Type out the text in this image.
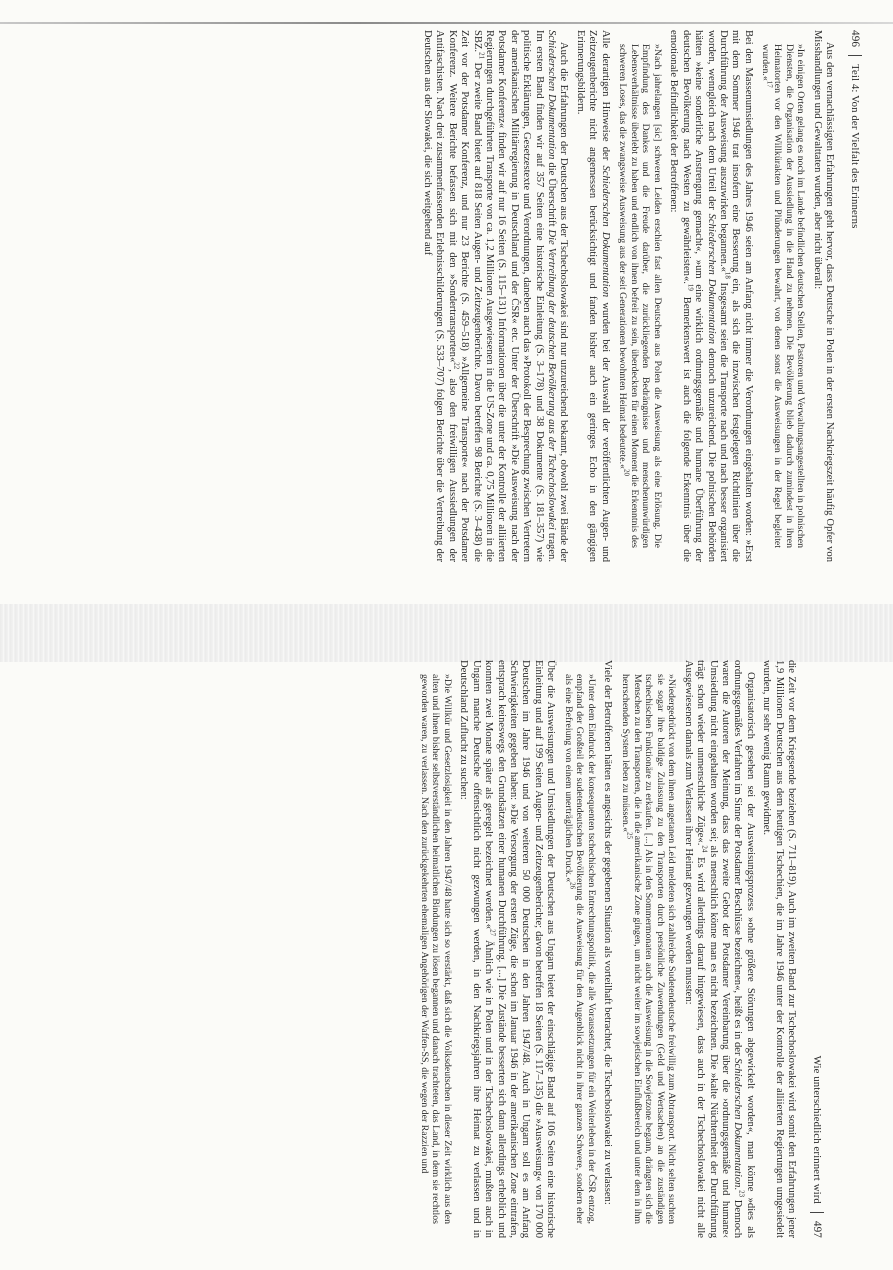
496
Teil 4: Von der Vielfalt des Erinnerns

Aus den vernachlässigten Erfahrungen geht hervor, dass Deutsche in Polen in der ersten Nachkriegszeit häufig Opfer von Misshandlungen und Gewalttaten wurden, aber nicht überall:

»In einigen Orten gelang es noch im Lande befindlichen deutschen Stellen, Pastoren und Verwaltungsangestellten in polnischen Diensten, die Organisation der Aussiedlung in die Hand zu nehmen. Die Bevölkerung blieb dadurch zumindest in ihren Heimatorten vor den Willkürakten und Plünderungen bewahrt, von denen sonst die Ausweisungen in der Regel begleitet wurden.«$^{17}$

Bei den Massenumsiedlungen des Jahres 1946 seien am Anfang nicht immer die Verordnungen eingehalten worden: »Erst mit dem Sommer 1946 trat insofern eine Besserung ein, als sich die inzwischen festgelegten Richtlinien über die Durchführung der Ausweisung auszuwirken begannen.«$^{18}$ Insgesamt seien die Transporte nach und nach besser organisiert worden, wenngleich nach dem Urteil der Schiederschen Dokumentation dennoch unzureichend. Die polnischen Behörden hätten »keine sonderliche Anstrengung gemacht«, »um eine wirklich ordnungsgemäße und humane Überführung der deutschen Bevölkerung nach Westen zu gewährleisten«.$^{19}$ Bemerkenswert ist auch die folgende Erkenntnis über die emotionale Befindlichkeit der Betroffenen:

»Nach jahrelangen [sic] schweren Leiden erschien fast allen Deutschen aus Polen die Ausweisung als eine Erlösung. Die Empfindung des Dankes und die Freude darüber, die zurückliegenden Bedrängnisse und menschenunwürdigen Lebensverhältnisse überlebt zu haben und endlich von ihnen befreit zu sein, überdeckten für einen Moment die Erkenntnis des schweren Loses, das die zwangsweise Ausweisung aus der seit Generationen bewohnten Heimat bedeutete.«$^{20}$

Alle derartigen Hinweise der Schiederschen Dokumentation wurden bei der Auswahl der veröffentlichten Augen- und Zeitzeugenberichte nicht angemessen berücksichtigt und fanden bisher auch ein geringes Echo in den gängigen Erinnerungsbildern.

Auch die Erfahrungen der Deutschen aus der Tschechoslowakei sind nur unzureichend bekannt, obwohl zwei Bände der Schiederschen Dokumentation die Überschrift Die Vertreibung der deutschen Bevölkerung aus der Tschechoslowakei tragen. Im ersten Band finden wir auf 357 Seiten eine historische Einleitung (S. 3–178) und 38 Dokumente (S. 181–357) wie politische Erklärungen, Gesetzestexte und Verordnungen, daneben auch das »Protokoll der Besprechung zwischen Vertretern der amerikanischen Militärregierung in Deutschland und der ČSR« etc. Unter der Überschrift »Die Ausweisung nach der Potsdamer Konferenz« finden wir auf nur 16 Seiten (S. 115–131) Informationen über die unter der Kontrolle der alliierten Regierungen durchgeführten Transporte von ca. 1,2 Millionen Ausgewiesenen in die US-Zone und ca. 0,75 Millionen in die SBZ.$^{21}$ Der zweite Band bietet auf 818 Seiten Augen- und Zeitzeugenberichte. Davon betreffen 98 Berichte (S. 3–438) die Zeit vor der Potsdamer Konferenz, und nur 23 Berichte (S. 459–518) »Allgemeine Transporte« nach der Potsdamer Konferenz. Weitere Berichte befassen sich mit den »Sondertransporten«$^{22}$, also den freiwilligen Aussiedlungen der Antifaschisten. Nach drei zusammenfassenden Erlebnisschilderungen (S. 533–707) folgen Berichte über die Vertreibung der Deutschen aus der Slowakei, die sich weitgehend auf

Wie unterschiedlich erinnert wird
497

die Zeit vor dem Kriegsende beziehen (S. 711–819). Auch im zweiten Band zur Tschechoslowakei wird somit den Erfahrungen jener 1,9 Millionen Deutschen aus dem heutigen Tschechien, die im Jahre 1946 unter der Kontrolle der alliierten Regierungen umgesiedelt wurden, nur sehr wenig Raum gewidmet.

Organisatorisch gesehen sei der Ausweisungsprozess »ohne größere Störungen abgewickelt worden«, man könne »dies als ordnungsgemäßes Verfahren im Sinne der Potsdamer Beschlüsse bezeichnen«, heißt es in der Schiederschen Dokumentation.$^{23}$ Dennoch waren die Autoren der Meinung, dass das zweite Gebot der Potsdamer Vereinbarung über die ›ordnungsgemäße und humane‹ Umsiedlung nicht eingehalten worden sei; als menschlich könne man es nicht bezeichnen. Die »kalte Nüchternheit der Durchführung trägt schon wieder unmenschliche Züge«.$^{24}$ Es wird allerdings darauf hingewiesen, dass auch in der Tschechoslowakei nicht alle Ausgewiesenen damals zum Verlassen ihrer Heimat gezwungen werden mussten:

»Niedergedrückt von dem ihnen angetanen Leid meldeten sich zahlreiche Sudetendeutsche freiwillig zum Abtransport. Nicht selten suchten sie sogar ihre baldige Zulassung zu den Transporten durch persönliche Zuwendungen (Geld und Wertsachen) an die zuständigen tschechischen Funktionäre zu erkaufen. [...] Als in den Sommermonaten auch die Ausweisung in die Sowjetzone begann, drängten sich die Menschen zu den Transporten, die in die amerikanische Zone gingen, um nicht weiter im sowjetischen Einflußbereich und unter dem in ihm herrschenden System leben zu müssen.«$^{25}$

Viele der Betroffenen hätten es angesichts der gegebenen Situation als vorteilhaft betrachtet, die Tschechoslowakei zu verlassen:

»Unter dem Eindruck der konsequenten tschechischen Entrechtungspolitik, die alle Voraussetzungen für ein Weiterleben in der ČSR entzog, empfand der Großteil der sudetendeutschen Bevölkerung die Ausweisung für den Augenblick nicht in ihrer ganzen Schwere, sondern eher als eine Befreiung von einem unerträglichen Druck.«$^{26}$

Über die Ausweisungen und Umsiedlungen der Deutschen aus Ungarn bietet der einschlägige Band auf 106 Seiten eine historische Einleitung und auf 199 Seiten Augen- und Zeitzeugenberichte; davon betreffen 18 Seiten (S. 117–135) die »Ausweisung« von 170 000 Deutschen im Jahre 1946 und von weiteren 50 000 Deutschen in den Jahren 1947/48. Auch in Ungarn soll es am Anfang Schwierigkeiten gegeben haben: »Die Versorgung der ersten Züge, die schon im Januar 1946 in der amerikanischen Zone eintrafen, entsprach keineswegs den Grundsätzen einer humanen Durchführung. [...] Die Zustände besserten sich dann allerdings erheblich und konnten zwei Monate später als geregelt bezeichnet werden.«$^{27}$ Ähnlich wie in Polen und in der Tschechoslowakei, mußten auch in Ungarn manche Deutsche offensichtlich nicht gezwungen werden, in den Nachkriegsjahren ihre Heimat zu verlassen und in Deutschland Zuflucht zu suchen:

»Die Willkür und Gesetzlosigkeit in den Jahren 1947/48 hatte sich so verstärkt, daß sich die Volksdeutschen in dieser Zeit wirklich aus den alten und ihnen bisher selbstverständlichen heimatlichen Bindungen zu lösen begannen und danach trachteten, das Land, in dem sie rechtlos geworden waren, zu verlassen. Nach den zurückgekehrten ehemaligen Angehörigen der Waffen-SS, die wegen der Razzien und
